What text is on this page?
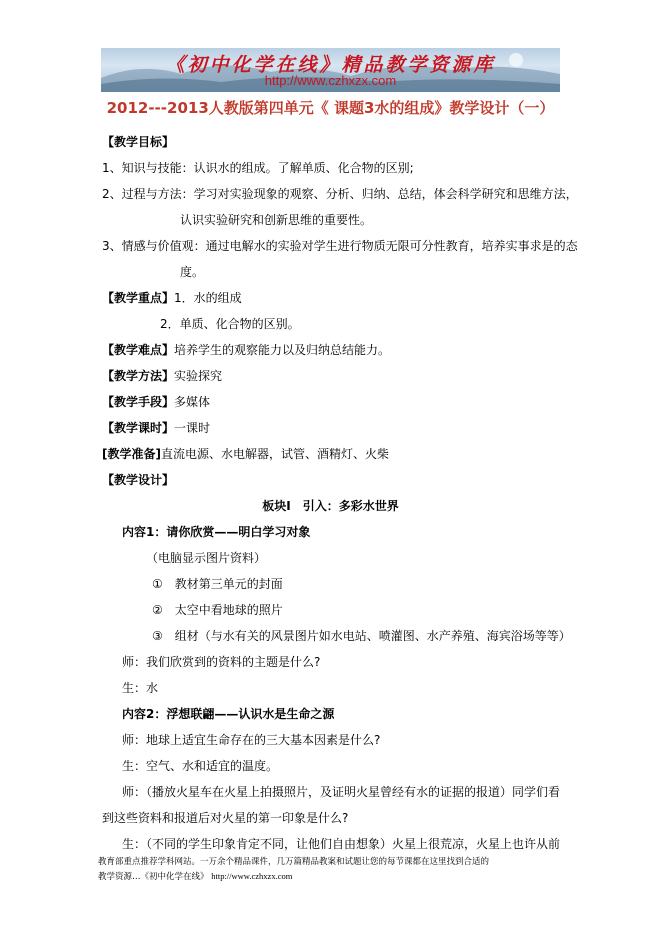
《初中化学在线》精品教学资源库
http://www.czhxzx.com
2012---2013人教版第四单元《 课题3水的组成》教学设计（一）
【教学目标】
1、知识与技能：认识水的组成。了解单质、化合物的区别;
2、过程与方法：学习对实验现象的观察、分析、归纳、总结，体会科学研究和思维方法，
认识实验研究和创新思维的重要性。
3、情感与价值观：通过电解水的实验对学生进行物质无限可分性教育，培养实事求是的态
度。
【教学重点】1．水的组成
2．单质、化合物的区别。
【教学难点】培养学生的观察能力以及归纳总结能力。
【教学方法】实验探究
【教学手段】多媒体
【教学课时】一课时
[教学准备]直流电源、水电解器，试管、酒精灯、火柴
【教学设计】
板块Ⅰ　引入：多彩水世界
内容1：请你欣赏——明白学习对象
（电脑显示图片资料）
①　教材第三单元的封面
②　太空中看地球的照片
③　组材（与水有关的风景图片如水电站、喷灌图、水产养殖、海宾浴场等等）
师：我们欣赏到的资料的主题是什么?
生：水
内容2：浮想联翩——认识水是生命之源
师：地球上适宜生命存在的三大基本因素是什么?
生：空气、水和适宜的温度。
师：（播放火星车在火星上拍摄照片，及证明火星曾经有水的证据的报道）同学们看
到这些资料和报道后对火星的第一印象是什么?
生：（不同的学生印象肯定不同，让他们自由想象）火星上很荒凉，火星上也许从前
教育部重点推荐学科网站。一万余个精品课件，几万篇精品教案和试题让您的每节课都在这里找到合适的
教学资源…《初中化学在线》 http://www.czhxzx.com
